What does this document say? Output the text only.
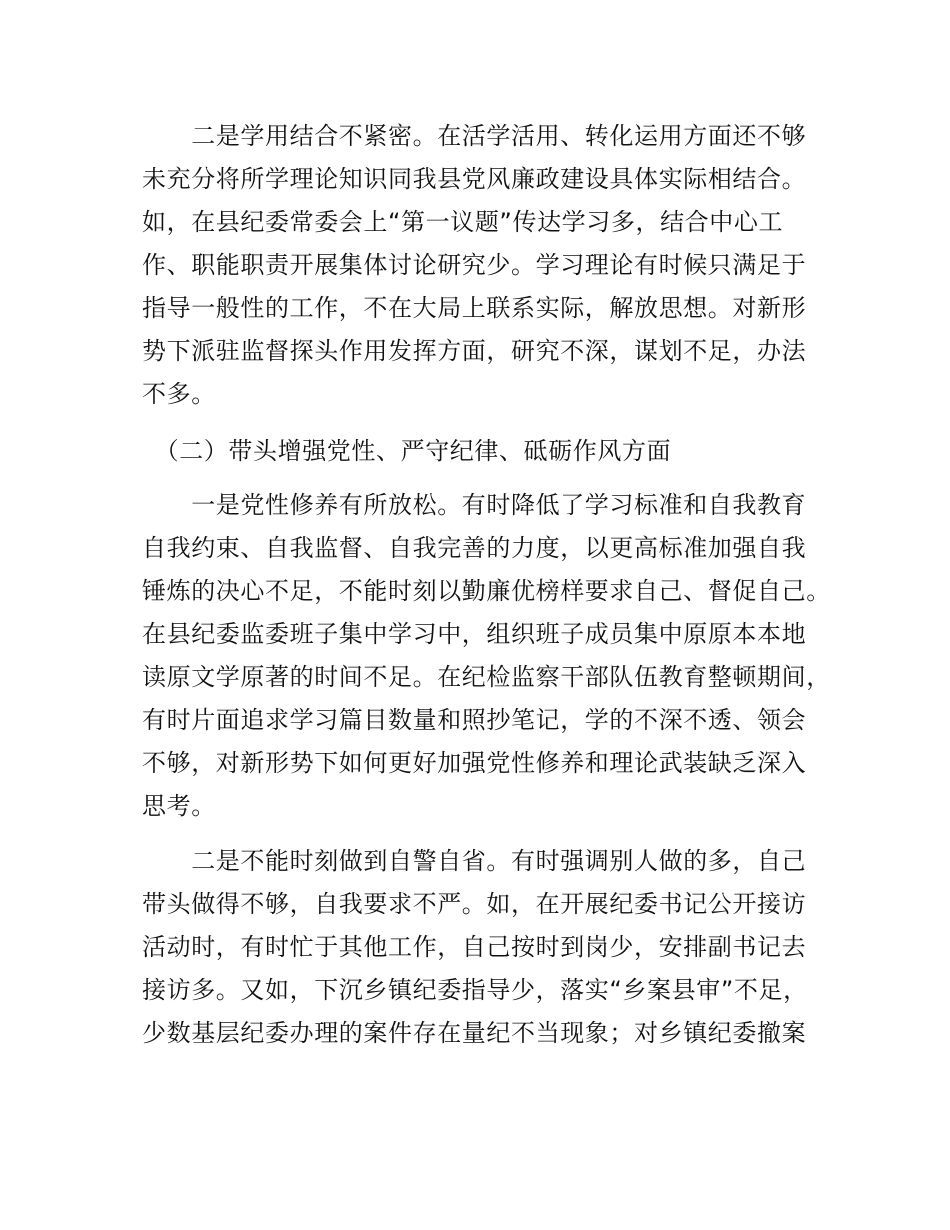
　　二是学用结合不紧密。在活学活用、转化运用方面还不够
未充分将所学理论知识同我县党风廉政建设具体实际相结合。
如，在县纪委常委会上“第一议题”传达学习多，结合中心工
作、职能职责开展集体讨论研究少。学习理论有时候只满足于
指导一般性的工作，不在大局上联系实际，解放思想。对新形
势下派驻监督探头作用发挥方面，研究不深，谋划不足，办法
不多。
　（二）带头增强党性、严守纪律、砥砺作风方面
　　一是党性修养有所放松。有时降低了学习标准和自我教育
自我约束、自我监督、自我完善的力度，以更高标准加强自我
锤炼的决心不足，不能时刻以勤廉优榜样要求自己、督促自己。
在县纪委监委班子集中学习中，组织班子成员集中原原本本地
读原文学原著的时间不足。在纪检监察干部队伍教育整顿期间，
有时片面追求学习篇目数量和照抄笔记，学的不深不透、领会
不够，对新形势下如何更好加强党性修养和理论武装缺乏深入
思考。
　　二是不能时刻做到自警自省。有时强调别人做的多，自己
带头做得不够，自我要求不严。如，在开展纪委书记公开接访
活动时，有时忙于其他工作，自己按时到岗少，安排副书记去
接访多。又如，下沉乡镇纪委指导少，落实“乡案县审”不足，
少数基层纪委办理的案件存在量纪不当现象；对乡镇纪委撤案
